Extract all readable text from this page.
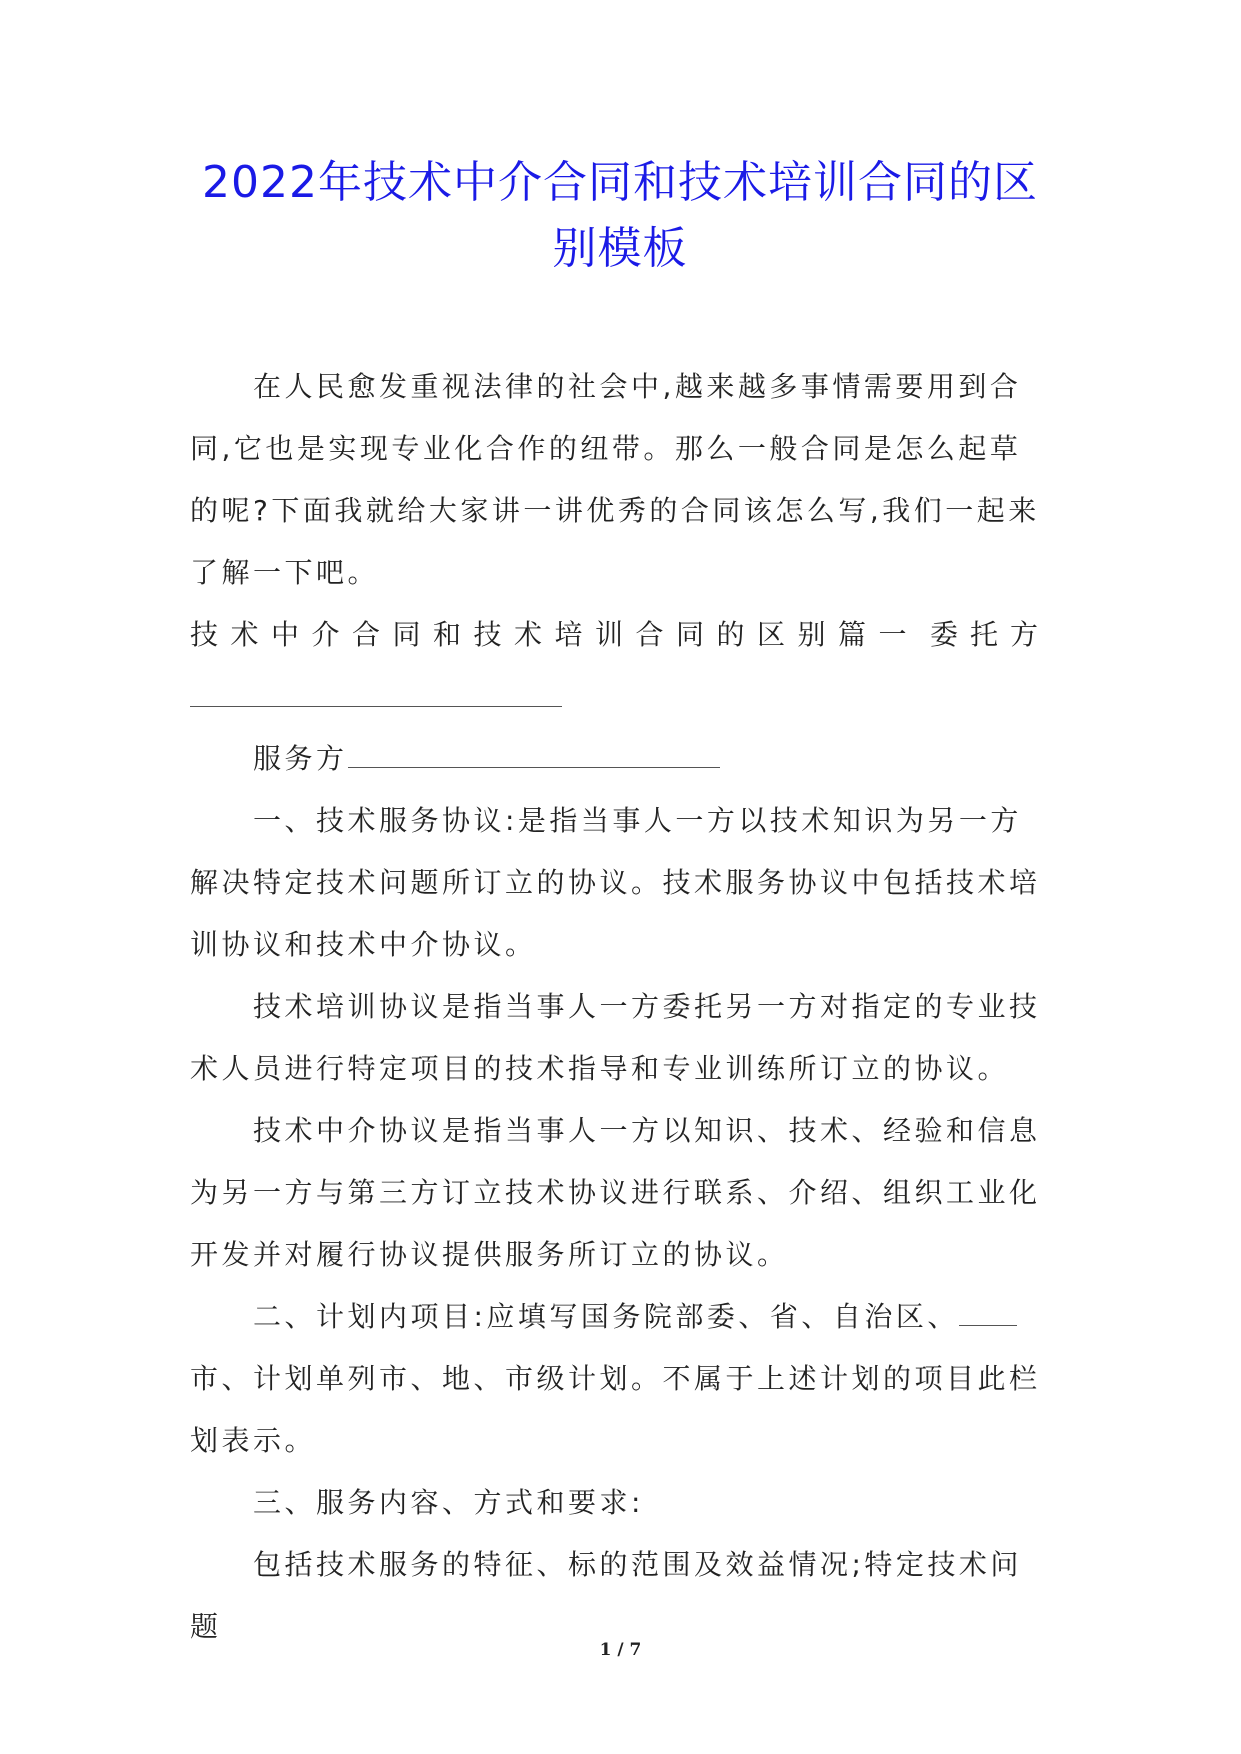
2022年技术中介合同和技术培训合同的区
别模板

在人民愈发重视法律的社会中,越来越多事情需要用到合同,它也是实现专业化合作的纽带。那么一般合同是怎么起草的呢?下面我就给大家讲一讲优秀的合同该怎么写,我们一起来了解一下吧。

技术中介合同和技术培训合同的区别篇一 委托方

服务方

一、技术服务协议:是指当事人一方以技术知识为另一方解决特定技术问题所订立的协议。技术服务协议中包括技术培训协议和技术中介协议。

技术培训协议是指当事人一方委托另一方对指定的专业技术人员进行特定项目的技术指导和专业训练所订立的协议。

技术中介协议是指当事人一方以知识、技术、经验和信息为另一方与第三方订立技术协议进行联系、介绍、组织工业化开发并对履行协议提供服务所订立的协议。

二、计划内项目:应填写国务院部委、省、自治区、市、计划单列市、地、市级计划。不属于上述计划的项目此栏划表示。

三、服务内容、方式和要求:

包括技术服务的特征、标的范围及效益情况;特定技术问题

1 / 7
